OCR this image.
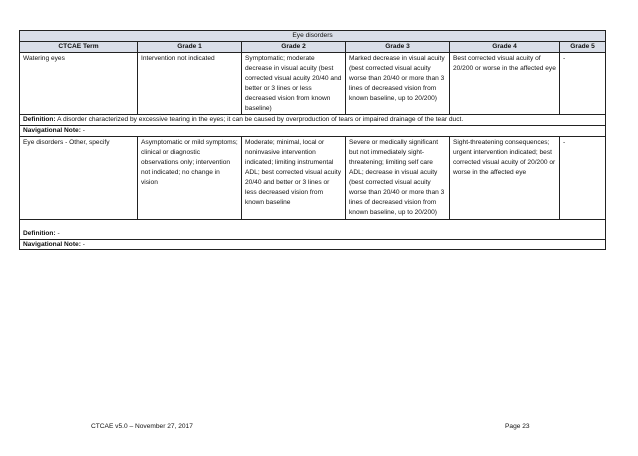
Eye disorders					
CTCAE Term	Grade 1	Grade 2	Grade 3	Grade 4	Grade 5
Watering eyes	Intervention not indicated	Symptomatic; moderate decrease in visual acuity (best corrected visual acuity 20/40 and better or 3 lines or less decreased vision from known baseline)	Marked decrease in visual acuity (best corrected visual acuity worse than 20/40 or more than 3 lines of decreased vision from known baseline, up to 20/200)	Best corrected visual acuity of 20/200 or worse in the affected eye	-
Definition: A disorder characterized by excessive tearing in the eyes; it can be caused by overproduction of tears or impaired drainage of the tear duct.					
Navigational Note: -					
Eye disorders - Other, specify	Asymptomatic or mild symptoms; clinical or diagnostic observations only; intervention not indicated; no change in vision	Moderate; minimal, local or noninvasive intervention indicated; limiting instrumental ADL; best corrected visual acuity 20/40 and better or 3 lines or less decreased vision from known baseline	Severe or medically significant but not immediately sight-threatening; limiting self care ADL; decrease in visual acuity (best corrected visual acuity worse than 20/40 or more than 3 lines of decreased vision from known baseline, up to 20/200)	Sight-threatening consequences; urgent intervention indicated; best corrected visual acuity of 20/200 or worse in the affected eye	-
Definition: -					
Navigational Note: -					
CTCAE v5.0 – November 27, 2017	Page 23
